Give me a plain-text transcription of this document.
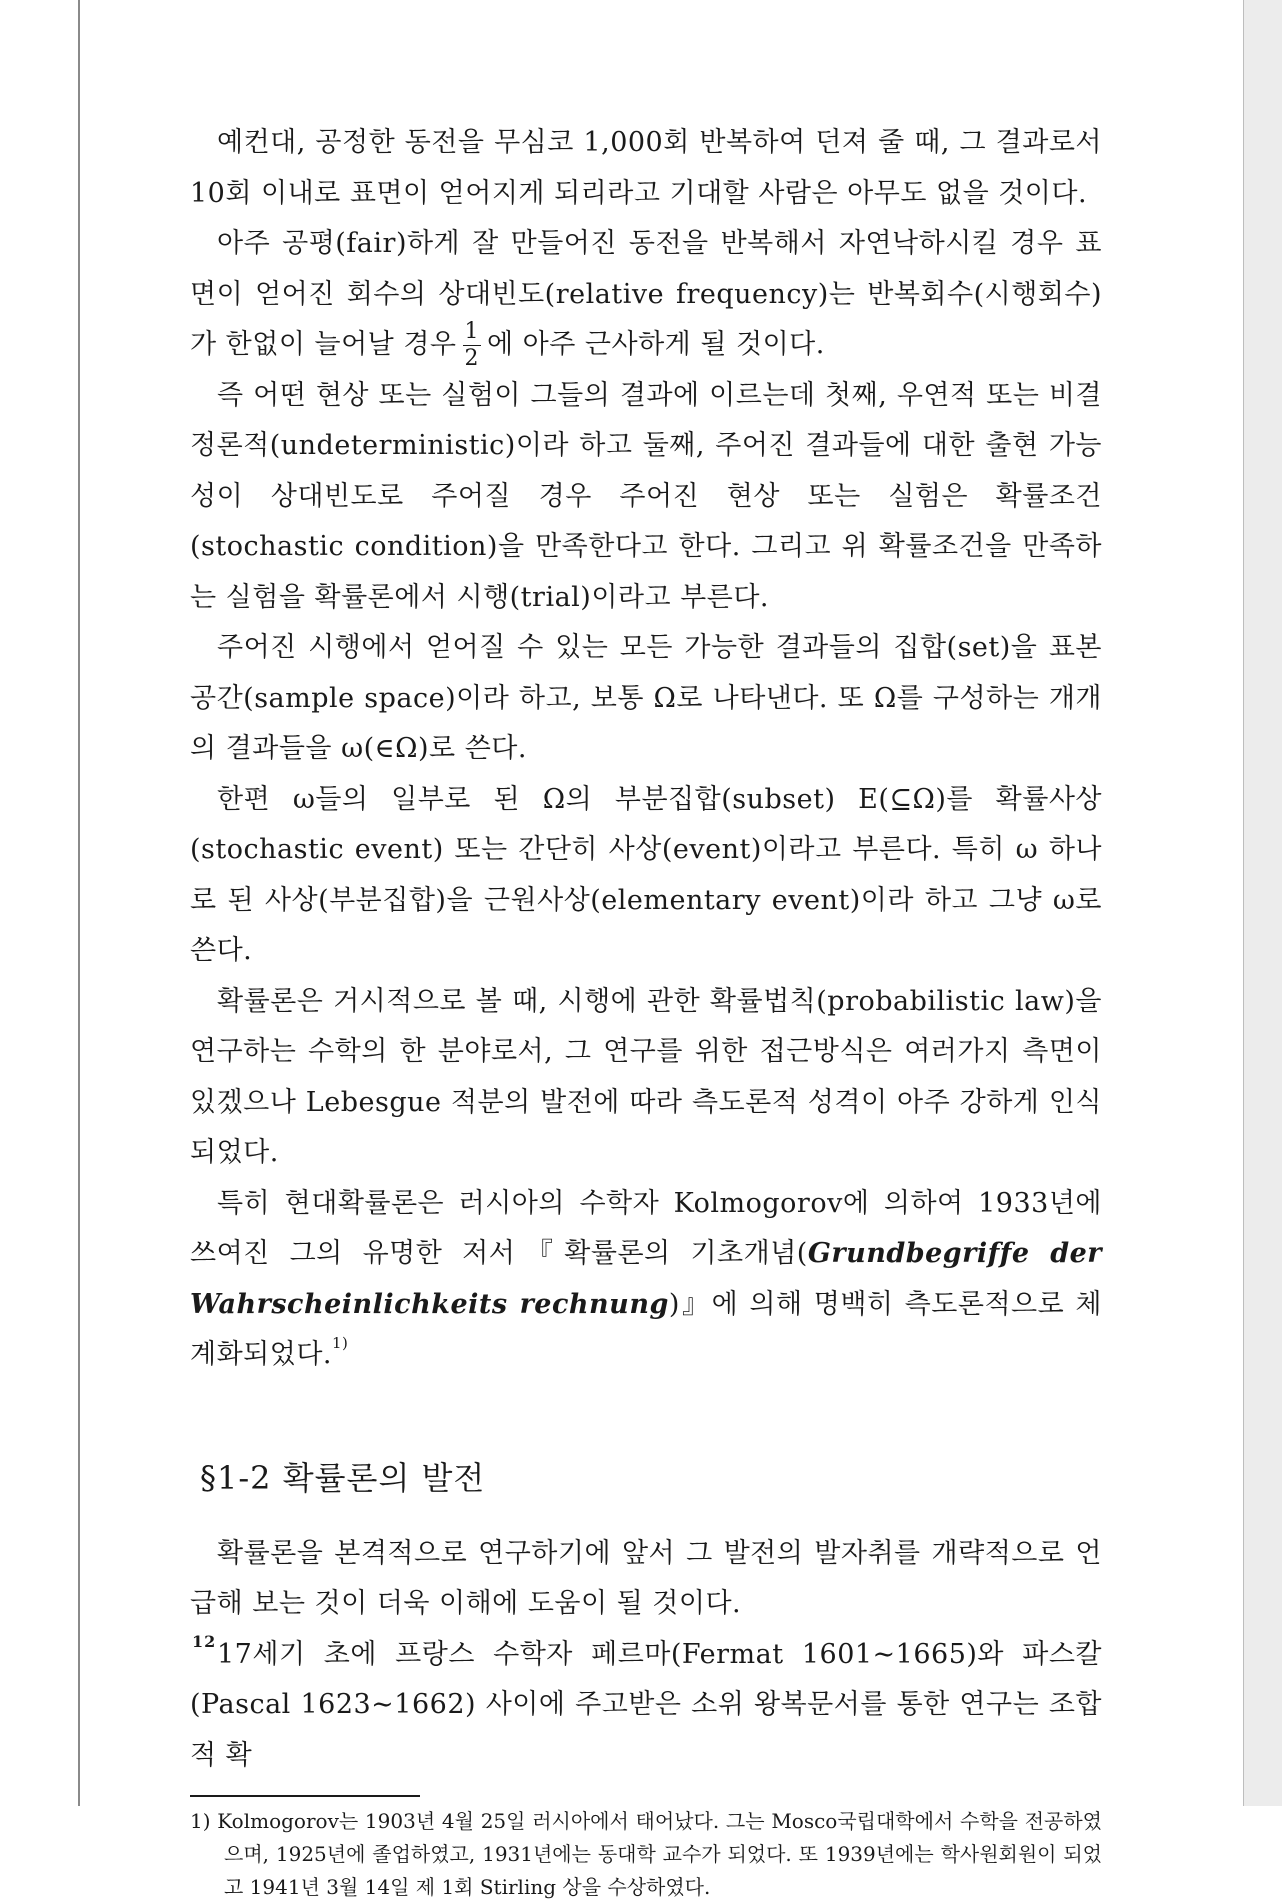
예컨대, 공정한 동전을 무심코 1,000회 반복하여 던져 줄 때, 그 결과로서 10회 이내로 표면이 얻어지게 되리라고 기대할 사람은 아무도 없을 것이다.

아주 공평(fair)하게 잘 만들어진 동전을 반복해서 자연낙하시킬 경우 표면이 얻어진 회수의 상대빈도(relative frequency)는 반복회수(시행회수)가 한없이 늘어날 경우 $\frac{1}{2}$ 에 아주 근사하게 될 것이다.

즉 어떤 현상 또는 실험이 그들의 결과에 이르는데 첫째, 우연적 또는 비결정론적(undeterministic)이라 하고 둘째, 주어진 결과들에 대한 출현 가능성이 상대빈도로 주어질 경우 주어진 현상 또는 실험은 확률조건(stochastic condition)을 만족한다고 한다. 그리고 위 확률조건을 만족하는 실험을 확률론에서 시행(trial)이라고 부른다.

주어진 시행에서 얻어질 수 있는 모든 가능한 결과들의 집합(set)을 표본공간(sample space)이라 하고, 보통 Ω로 나타낸다. 또 Ω를 구성하는 개개의 결과들을 ω(∈Ω)로 쓴다.

한편 ω들의 일부로 된 Ω의 부분집합(subset) E(⊆Ω)를 확률사상(stochastic event) 또는 간단히 사상(event)이라고 부른다. 특히 ω 하나로 된 사상(부분집합)을 근원사상(elementary event)이라 하고 그냥 ω로 쓴다.

확률론은 거시적으로 볼 때, 시행에 관한 확률법칙(probabilistic law)을 연구하는 수학의 한 분야로서, 그 연구를 위한 접근방식은 여러가지 측면이 있겠으나 Lebesgue 적분의 발전에 따라 측도론적 성격이 아주 강하게 인식되었다.

특히 현대확률론은 러시아의 수학자 Kolmogorov에 의하여 1933년에 쓰여진 그의 유명한 저서『확률론의 기초개념(Grundbegriffe der Wahrscheinlichkeits rechnung)』에 의해 명백히 측도론적으로 체계화되었다.$^{1)}$

§1-2 확률론의 발전

확률론을 본격적으로 연구하기에 앞서 그 발전의 발자취를 개략적으로 언급해 보는 것이 더욱 이해에 도움이 될 것이다.

17세기 초에 프랑스 수학자 페르마(Fermat 1601∼1665)와 파스칼(Pascal 1623∼1662) 사이에 주고받은 소위 왕복문서를 통한 연구는 조합적 확

1) Kolmogorov는 1903년 4월 25일 러시아에서 태어났다. 그는 Mosco국립대학에서 수학을 전공하였으며, 1925년에 졸업하였고, 1931년에는 동대학 교수가 되었다. 또 1939년에는 학사원회원이 되었고 1941년 3월 14일 제 1회 Stirling 상을 수상하였다.

12
